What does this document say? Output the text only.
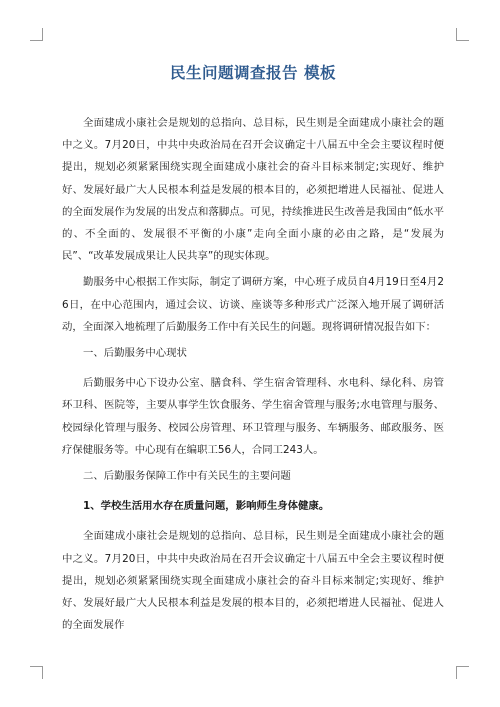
民生问题调查报告 模板

全面建成小康社会是规划的总指向、总目标，民生则是全面建成小康社会的题中之义。7月20日，中共中央政治局在召开会议确定十八届五中全会主要议程时便提出，规划必须紧紧围绕实现全面建成小康社会的奋斗目标来制定;实现好、维护好、发展好最广大人民根本利益是发展的根本目的，必须把增进人民福祉、促进人的全面发展作为发展的出发点和落脚点。可见，持续推进民生改善是我国由“低水平的、不全面的、发展很不平衡的小康”走向全面小康的必由之路，是“发展为民”、“改革发展成果让人民共享”的现实体现。

勤服务中心根据工作实际，制定了调研方案，中心班子成员自4月19日至4月26日，在中心范围内，通过会议、访谈、座谈等多种形式广泛深入地开展了调研活动，全面深入地梳理了后勤服务工作中有关民生的问题。现将调研情况报告如下：

一、后勤服务中心现状

后勤服务中心下设办公室、膳食科、学生宿舍管理科、水电科、绿化科、房管环卫科、医院等，主要从事学生饮食服务、学生宿舍管理与服务;水电管理与服务、校园绿化管理与服务、校园公房管理、环卫管理与服务、车辆服务、邮政服务、医疗保健服务等。中心现有在编职工56人，合同工243人。

二、后勤服务保障工作中有关民生的主要问题

1、学校生活用水存在质量问题，影响师生身体健康。

全面建成小康社会是规划的总指向、总目标，民生则是全面建成小康社会的题中之义。7月20日，中共中央政治局在召开会议确定十八届五中全会主要议程时便提出，规划必须紧紧围绕实现全面建成小康社会的奋斗目标来制定;实现好、维护好、发展好最广大人民根本利益是发展的根本目的，必须把增进人民福祉、促进人的全面发展作
